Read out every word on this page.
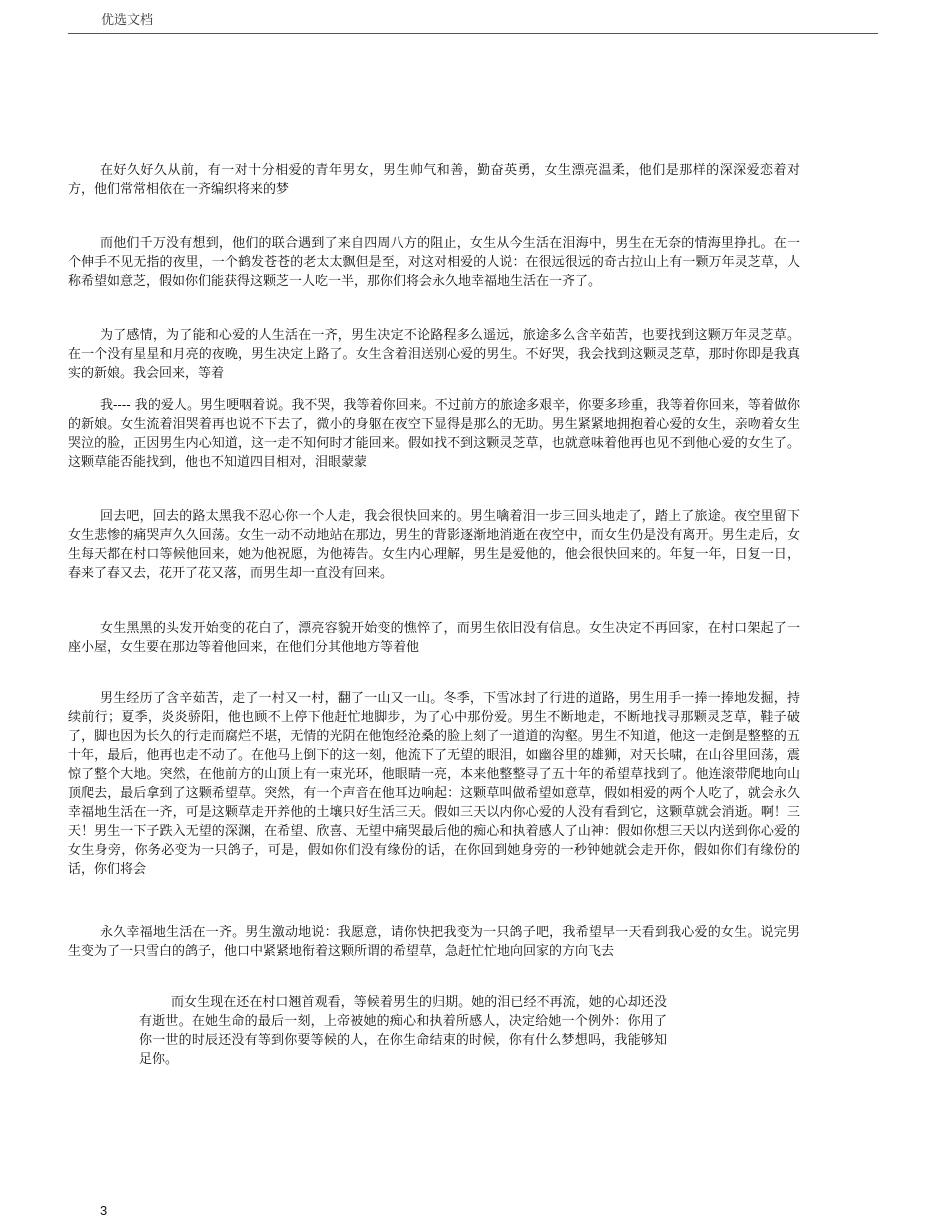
优选文档

在好久好久从前，有一对十分相爱的青年男女，男生帅气和善，勤奋英勇，女生漂亮温柔，他们是那样的深深爱恋着对方，他们常常相依在一齐编织将来的梦

而他们千万没有想到，他们的联合遇到了来自四周八方的阻止，女生从今生活在泪海中，男生在无奈的情海里挣扎。在一个伸手不见无指的夜里，一个鹤发苍苍的老太太飘但是至，对这对相爱的人说：在很远很远的奇古拉山上有一颗万年灵芝草，人称希望如意芝，假如你们能获得这颗芝一人吃一半，那你们将会永久地幸福地生活在一齐了。

为了感情，为了能和心爱的人生活在一齐，男生决定不论路程多么遥远，旅途多么含辛茹苦，也要找到这颗万年灵芝草。在一个没有星星和月亮的夜晚，男生决定上路了。女生含着泪送别心爱的男生。不好哭，我会找到这颗灵芝草，那时你即是我真实的新娘。我会回来，等着

我---- 我的爱人。男生哽咽着说。我不哭，我等着你回来。不过前方的旅途多艰辛，你要多珍重，我等着你回来，等着做你的新娘。女生流着泪哭着再也说不下去了，微小的身躯在夜空下显得是那么的无助。男生紧紧地拥抱着心爱的女生，亲吻着女生哭泣的脸，正因男生内心知道，这一走不知何时才能回来。假如找不到这颗灵芝草，也就意味着他再也见不到他心爱的女生了。这颗草能否能找到，他也不知道四目相对，泪眼蒙蒙

回去吧，回去的路太黑我不忍心你一个人走，我会很快回来的。男生噙着泪一步三回头地走了，踏上了旅途。夜空里留下女生悲惨的痛哭声久久回荡。女生一动不动地站在那边，男生的背影逐渐地消逝在夜空中，而女生仍是没有离开。男生走后，女生每天都在村口等候他回来，她为他祝愿，为他祷告。女生内心理解，男生是爱他的，他会很快回来的。年复一年，日复一日，春来了春又去，花开了花又落，而男生却一直没有回来。

女生黑黑的头发开始变的花白了，漂亮容貌开始变的憔悴了，而男生依旧没有信息。女生决定不再回家，在村口架起了一座小屋，女生要在那边等着他回来，在他们分其他地方等着他

男生经历了含辛茹苦，走了一村又一村，翻了一山又一山。冬季，下雪冰封了行进的道路，男生用手一捧一捧地发掘，持续前行；夏季，炎炎骄阳，他也顾不上停下他赶忙地脚步，为了心中那份爱。男生不断地走，不断地找寻那颗灵芝草，鞋子破了，脚也因为长久的行走而腐烂不堪，无情的光阴在他饱经沧桑的脸上刻了一道道的沟壑。男生不知道，他这一走倒是整整的五十年，最后，他再也走不动了。在他马上倒下的这一刻，他流下了无望的眼泪，如幽谷里的雄狮，对天长啸，在山谷里回荡，震惊了整个大地。突然，在他前方的山顶上有一束光环，他眼睛一亮，本来他整整寻了五十年的希望草找到了。他连滚带爬地向山顶爬去，最后拿到了这颗希望草。突然，有一个声音在他耳边响起：这颗草叫做希望如意草，假如相爱的两个人吃了，就会永久幸福地生活在一齐，可是这颗草走开养他的土壤只好生活三天。假如三天以内你心爱的人没有看到它，这颗草就会消逝。啊！三天！男生一下子跌入无望的深渊，在希望、欣喜、无望中痛哭最后他的痴心和执着感人了山神：假如你想三天以内送到你心爱的女生身旁，你务必变为一只鸽子，可是，假如你们没有缘份的话，在你回到她身旁的一秒钟她就会走开你，假如你们有缘份的话，你们将会

永久幸福地生活在一齐。男生激动地说：我愿意，请你快把我变为一只鸽子吧，我希望早一天看到我心爱的女生。说完男生变为了一只雪白的鸽子，他口中紧紧地衔着这颗所谓的希望草，急赶忙忙地向回家的方向飞去

而女生现在还在村口翘首观看，等候着男生的归期。她的泪已经不再流，她的心却还没有逝世。在她生命的最后一刻，上帝被她的痴心和执着所感人，决定给她一个例外：你用了你一世的时辰还没有等到你要等候的人，在你生命结束的时候，你有什么梦想吗，我能够知足你。

3
